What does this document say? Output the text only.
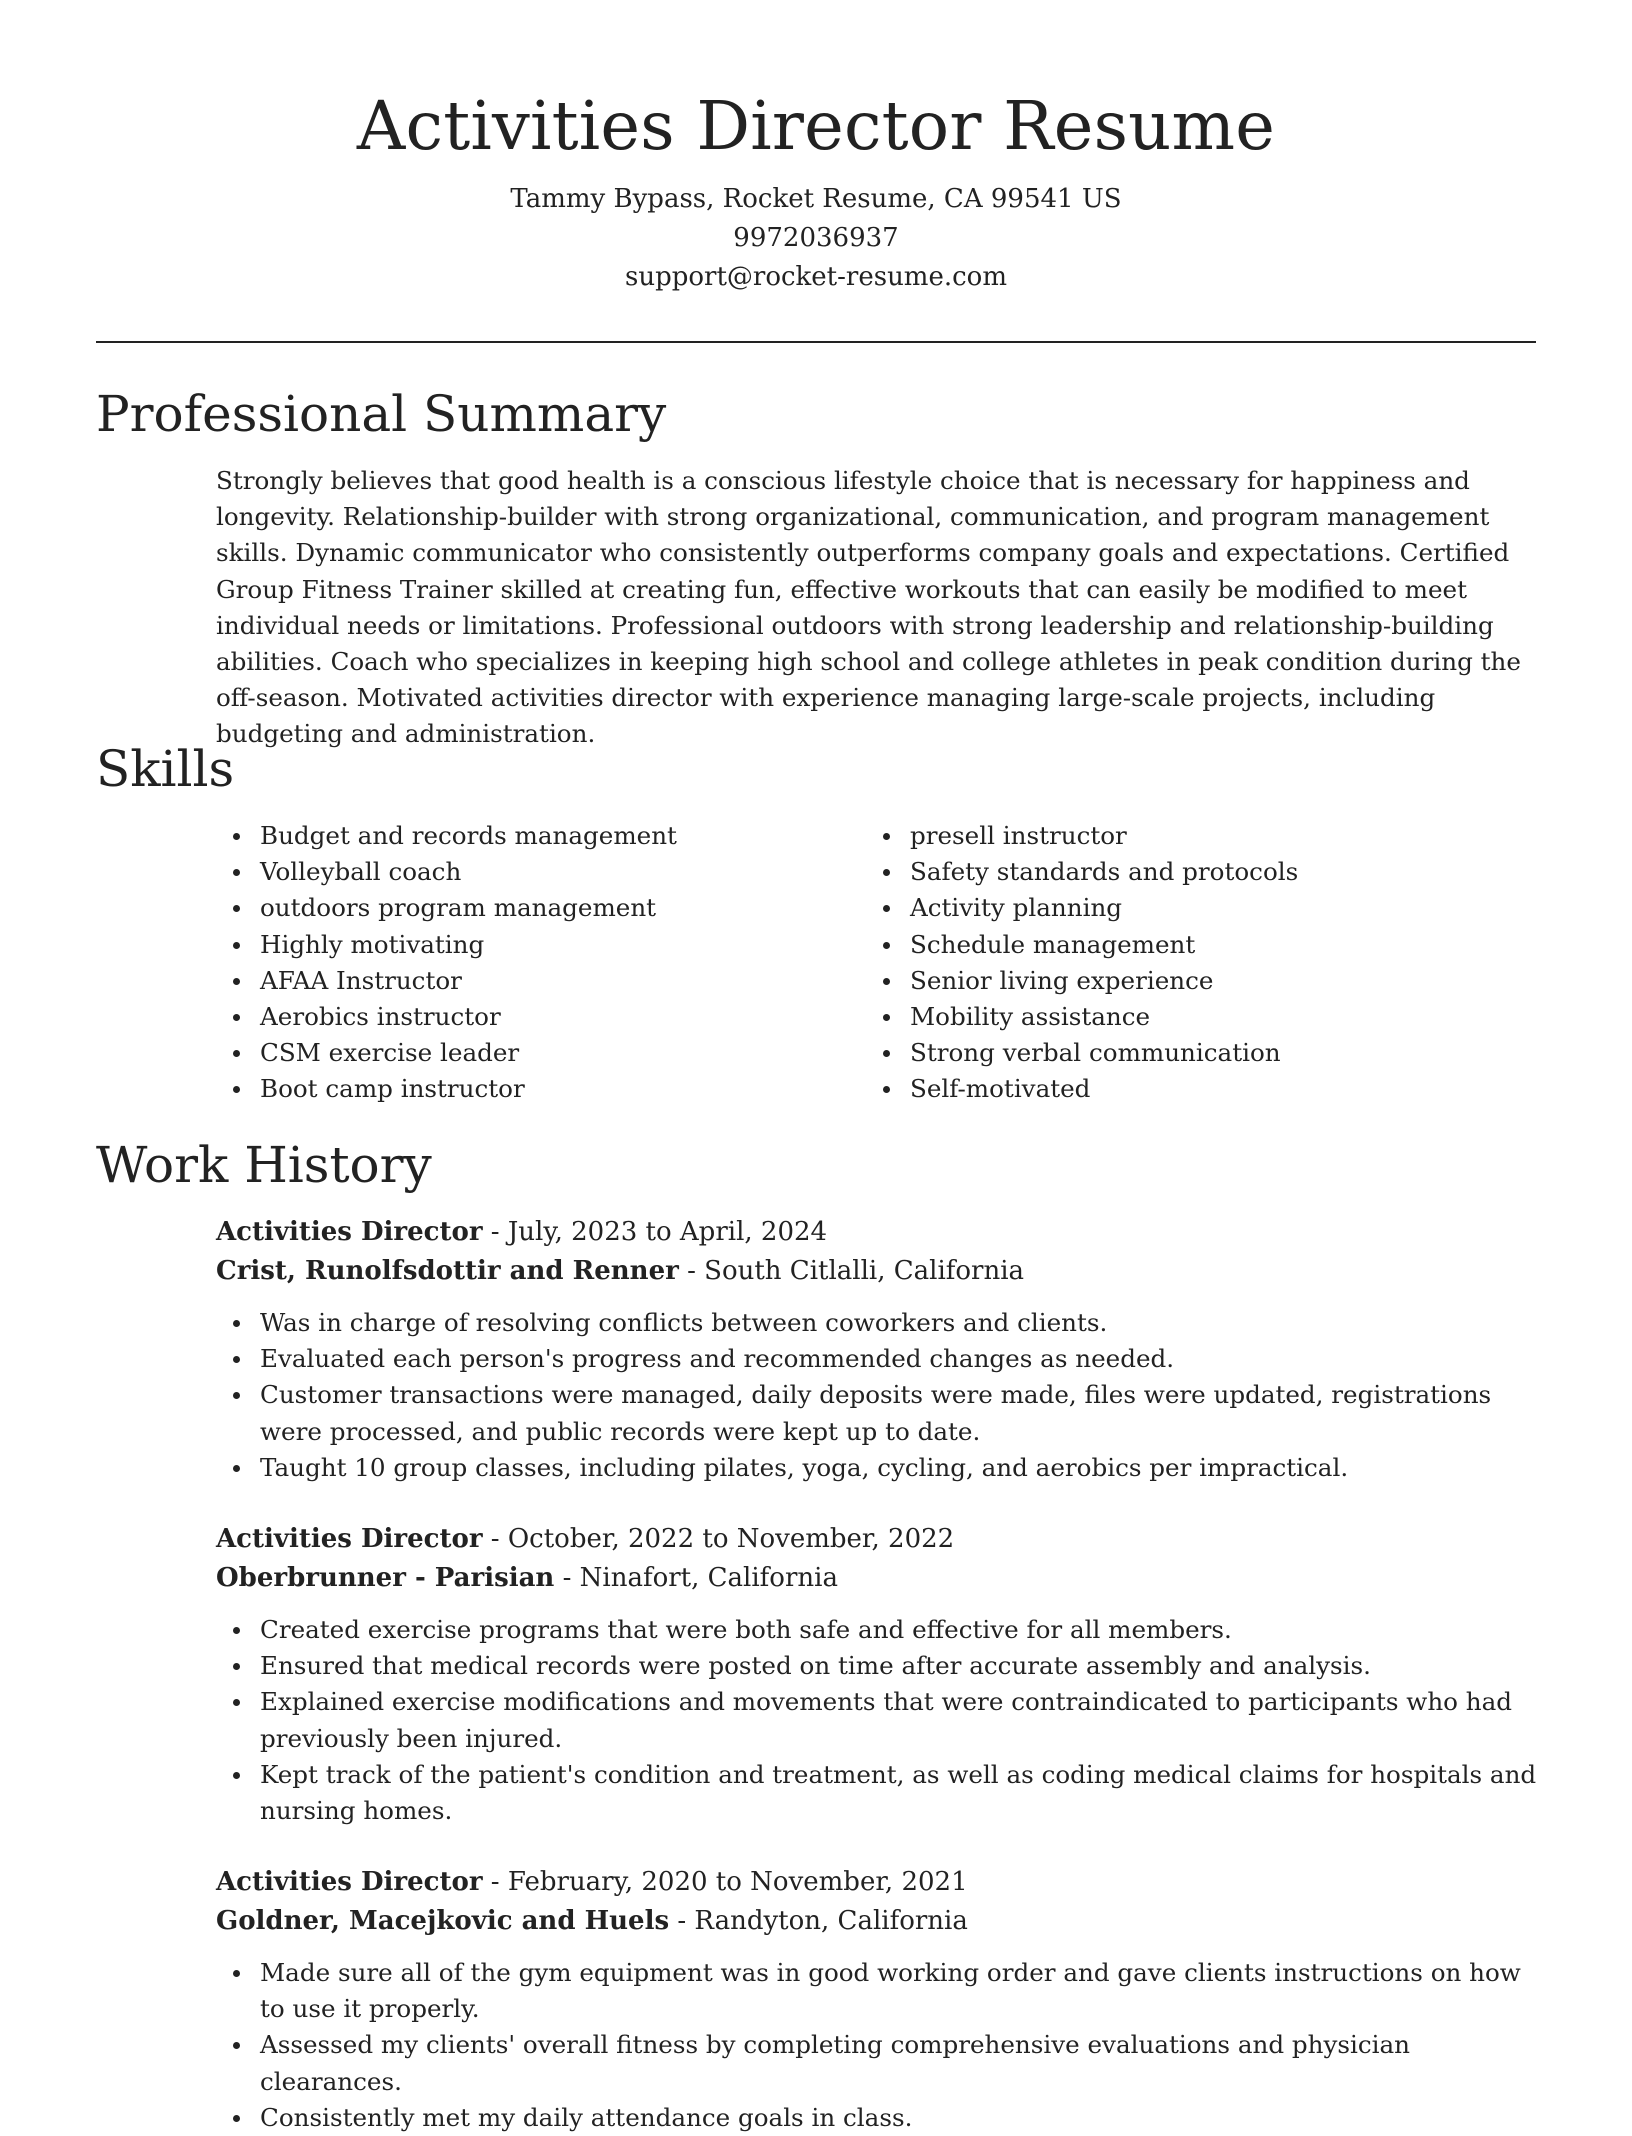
Activities Director Resume
Tammy Bypass, Rocket Resume, CA 99541 US
9972036937
support@rocket-resume.com
Professional Summary

Strongly believes that good health is a conscious lifestyle choice that is necessary for happiness and longevity. Relationship-builder with strong organizational, communication, and program management skills. Dynamic communicator who consistently outperforms company goals and expectations. Certified Group Fitness Trainer skilled at creating fun, effective workouts that can easily be modified to meet individual needs or limitations. Professional outdoors with strong leadership and relationship-building abilities. Coach who specializes in keeping high school and college athletes in peak condition during the off-season. Motivated activities director with experience managing large-scale projects, including budgeting and administration.

Skills
Budget and records management
Volleyball coach
outdoors program management
Highly motivating
AFAA Instructor
Aerobics instructor
CSM exercise leader
Boot camp instructor
presell instructor
Safety standards and protocols
Activity planning
Schedule management
Senior living experience
Mobility assistance
Strong verbal communication
Self-motivated
Work History
Activities Director - July, 2023 to April, 2024
Crist, Runolfsdottir and Renner - South Citlalli, California
Was in charge of resolving conflicts between coworkers and clients.
Evaluated each person's progress and recommended changes as needed.
Customer transactions were managed, daily deposits were made, files were updated, registrations were processed, and public records were kept up to date.
Taught 10 group classes, including pilates, yoga, cycling, and aerobics per impractical.
Activities Director - October, 2022 to November, 2022
Oberbrunner - Parisian - Ninafort, California
Created exercise programs that were both safe and effective for all members.
Ensured that medical records were posted on time after accurate assembly and analysis.
Explained exercise modifications and movements that were contraindicated to participants who had previously been injured.
Kept track of the patient's condition and treatment, as well as coding medical claims for hospitals and nursing homes.
Activities Director - February, 2020 to November, 2021
Goldner, Macejkovic and Huels - Randyton, California
Made sure all of the gym equipment was in good working order and gave clients instructions on how to use it properly.
Assessed my clients' overall fitness by completing comprehensive evaluations and physician clearances.
Consistently met my daily attendance goals in class.
